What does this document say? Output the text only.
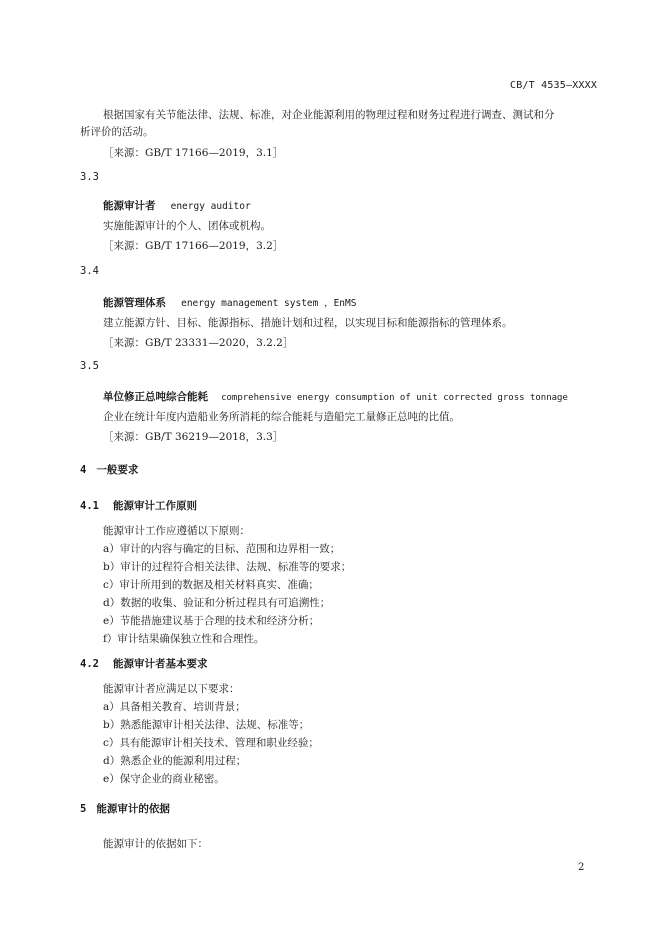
CB/T 4535—XXXX
根据国家有关节能法律、法规、标准，对企业能源利用的物理过程和财务过程进行调查、测试和分
析评价的活动。
［来源：GB/T 17166—2019，3.1］
3.3
能源审计者 energy auditor
实施能源审计的个人、团体或机构。
［来源：GB/T 17166—2019，3.2］
3.4
能源管理体系 energy management system ，EnMS
建立能源方针、目标、能源指标、措施计划和过程，以实现目标和能源指标的管理体系。
［来源：GB/T 23331—2020，3.2.2］
3.5
单位修正总吨综合能耗 comprehensive energy consumption of unit corrected gross tonnage
企业在统计年度内造船业务所消耗的综合能耗与造船完工量修正总吨的比值。
［来源：GB/T 36219—2018，3.3］
4 一般要求
4.1 能源审计工作原则
能源审计工作应遵循以下原则：
a）审计的内容与确定的目标、范围和边界相一致；
b）审计的过程符合相关法律、法规、标准等的要求；
c）审计所用到的数据及相关材料真实、准确；
d）数据的收集、验证和分析过程具有可追溯性；
e）节能措施建议基于合理的技术和经济分析；
f）审计结果确保独立性和合理性。
4.2 能源审计者基本要求
能源审计者应满足以下要求：
a）具备相关教育、培训背景；
b）熟悉能源审计相关法律、法规、标准等；
c）具有能源审计相关技术、管理和职业经验；
d）熟悉企业的能源利用过程；
e）保守企业的商业秘密。
5 能源审计的依据
能源审计的依据如下：
2
